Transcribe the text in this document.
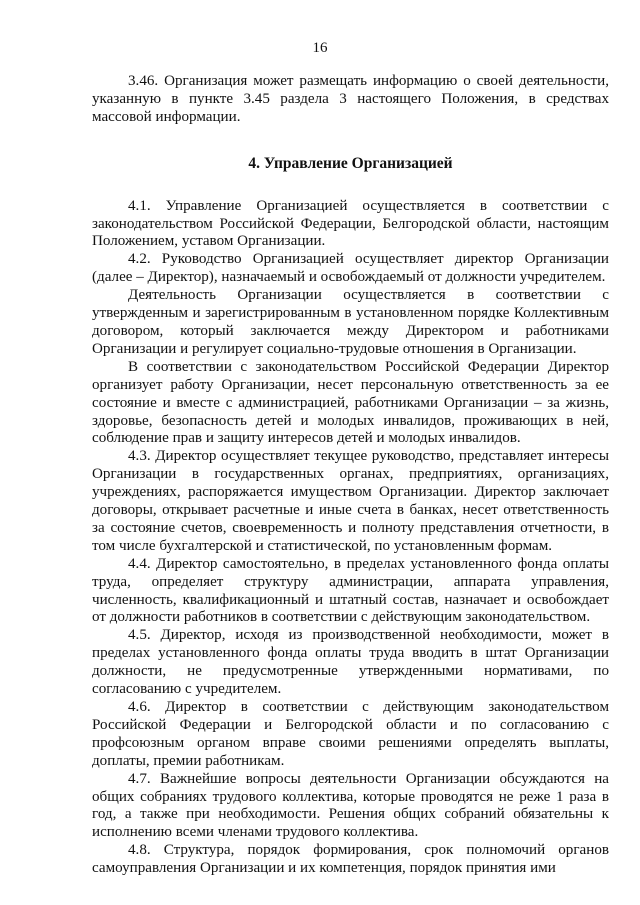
16

3.46. Организация может размещать информацию о своей деятельности, указанную в пункте 3.45 раздела 3 настоящего Положения, в средствах массовой информации.

4. Управление Организацией

4.1. Управление Организацией осуществляется в соответствии с законодательством Российской Федерации, Белгородской области, настоящим Положением, уставом Организации.

4.2. Руководство Организацией осуществляет директор Организации (далее – Директор), назначаемый и освобождаемый от должности учредителем.

Деятельность Организации осуществляется в соответствии с утвержденным и зарегистрированным в установленном порядке Коллективным договором, который заключается между Директором и работниками Организации и регулирует социально-трудовые отношения в Организации.

В соответствии с законодательством Российской Федерации Директор организует работу Организации, несет персональную ответственность за ее состояние и вместе с администрацией, работниками Организации – за жизнь, здоровье, безопасность детей и молодых инвалидов, проживающих в ней, соблюдение прав и защиту интересов детей и молодых инвалидов.

4.3. Директор осуществляет текущее руководство, представляет интересы Организации в государственных органах, предприятиях, организациях, учреждениях, распоряжается имуществом Организации. Директор заключает договоры, открывает расчетные и иные счета в банках, несет ответственность за состояние счетов, своевременность и полноту представления отчетности, в том числе бухгалтерской и статистической, по установленным формам.

4.4. Директор самостоятельно, в пределах установленного фонда оплаты труда, определяет структуру администрации, аппарата управления, численность, квалификационный и штатный состав, назначает и освобождает от должности работников в соответствии с действующим законодательством.

4.5. Директор, исходя из производственной необходимости, может в пределах установленного фонда оплаты труда вводить в штат Организации должности, не предусмотренные утвержденными нормативами, по согласованию с учредителем.

4.6. Директор в соответствии с действующим законодательством Российской Федерации и Белгородской области и по согласованию с профсоюзным органом вправе своими решениями определять выплаты, доплаты, премии работникам.

4.7. Важнейшие вопросы деятельности Организации обсуждаются на общих собраниях трудового коллектива, которые проводятся не реже 1 раза в год, а также при необходимости. Решения общих собраний обязательны к исполнению всеми членами трудового коллектива.

4.8. Структура, порядок формирования, срок полномочий органов самоуправления Организации и их компетенция, порядок принятия ими
